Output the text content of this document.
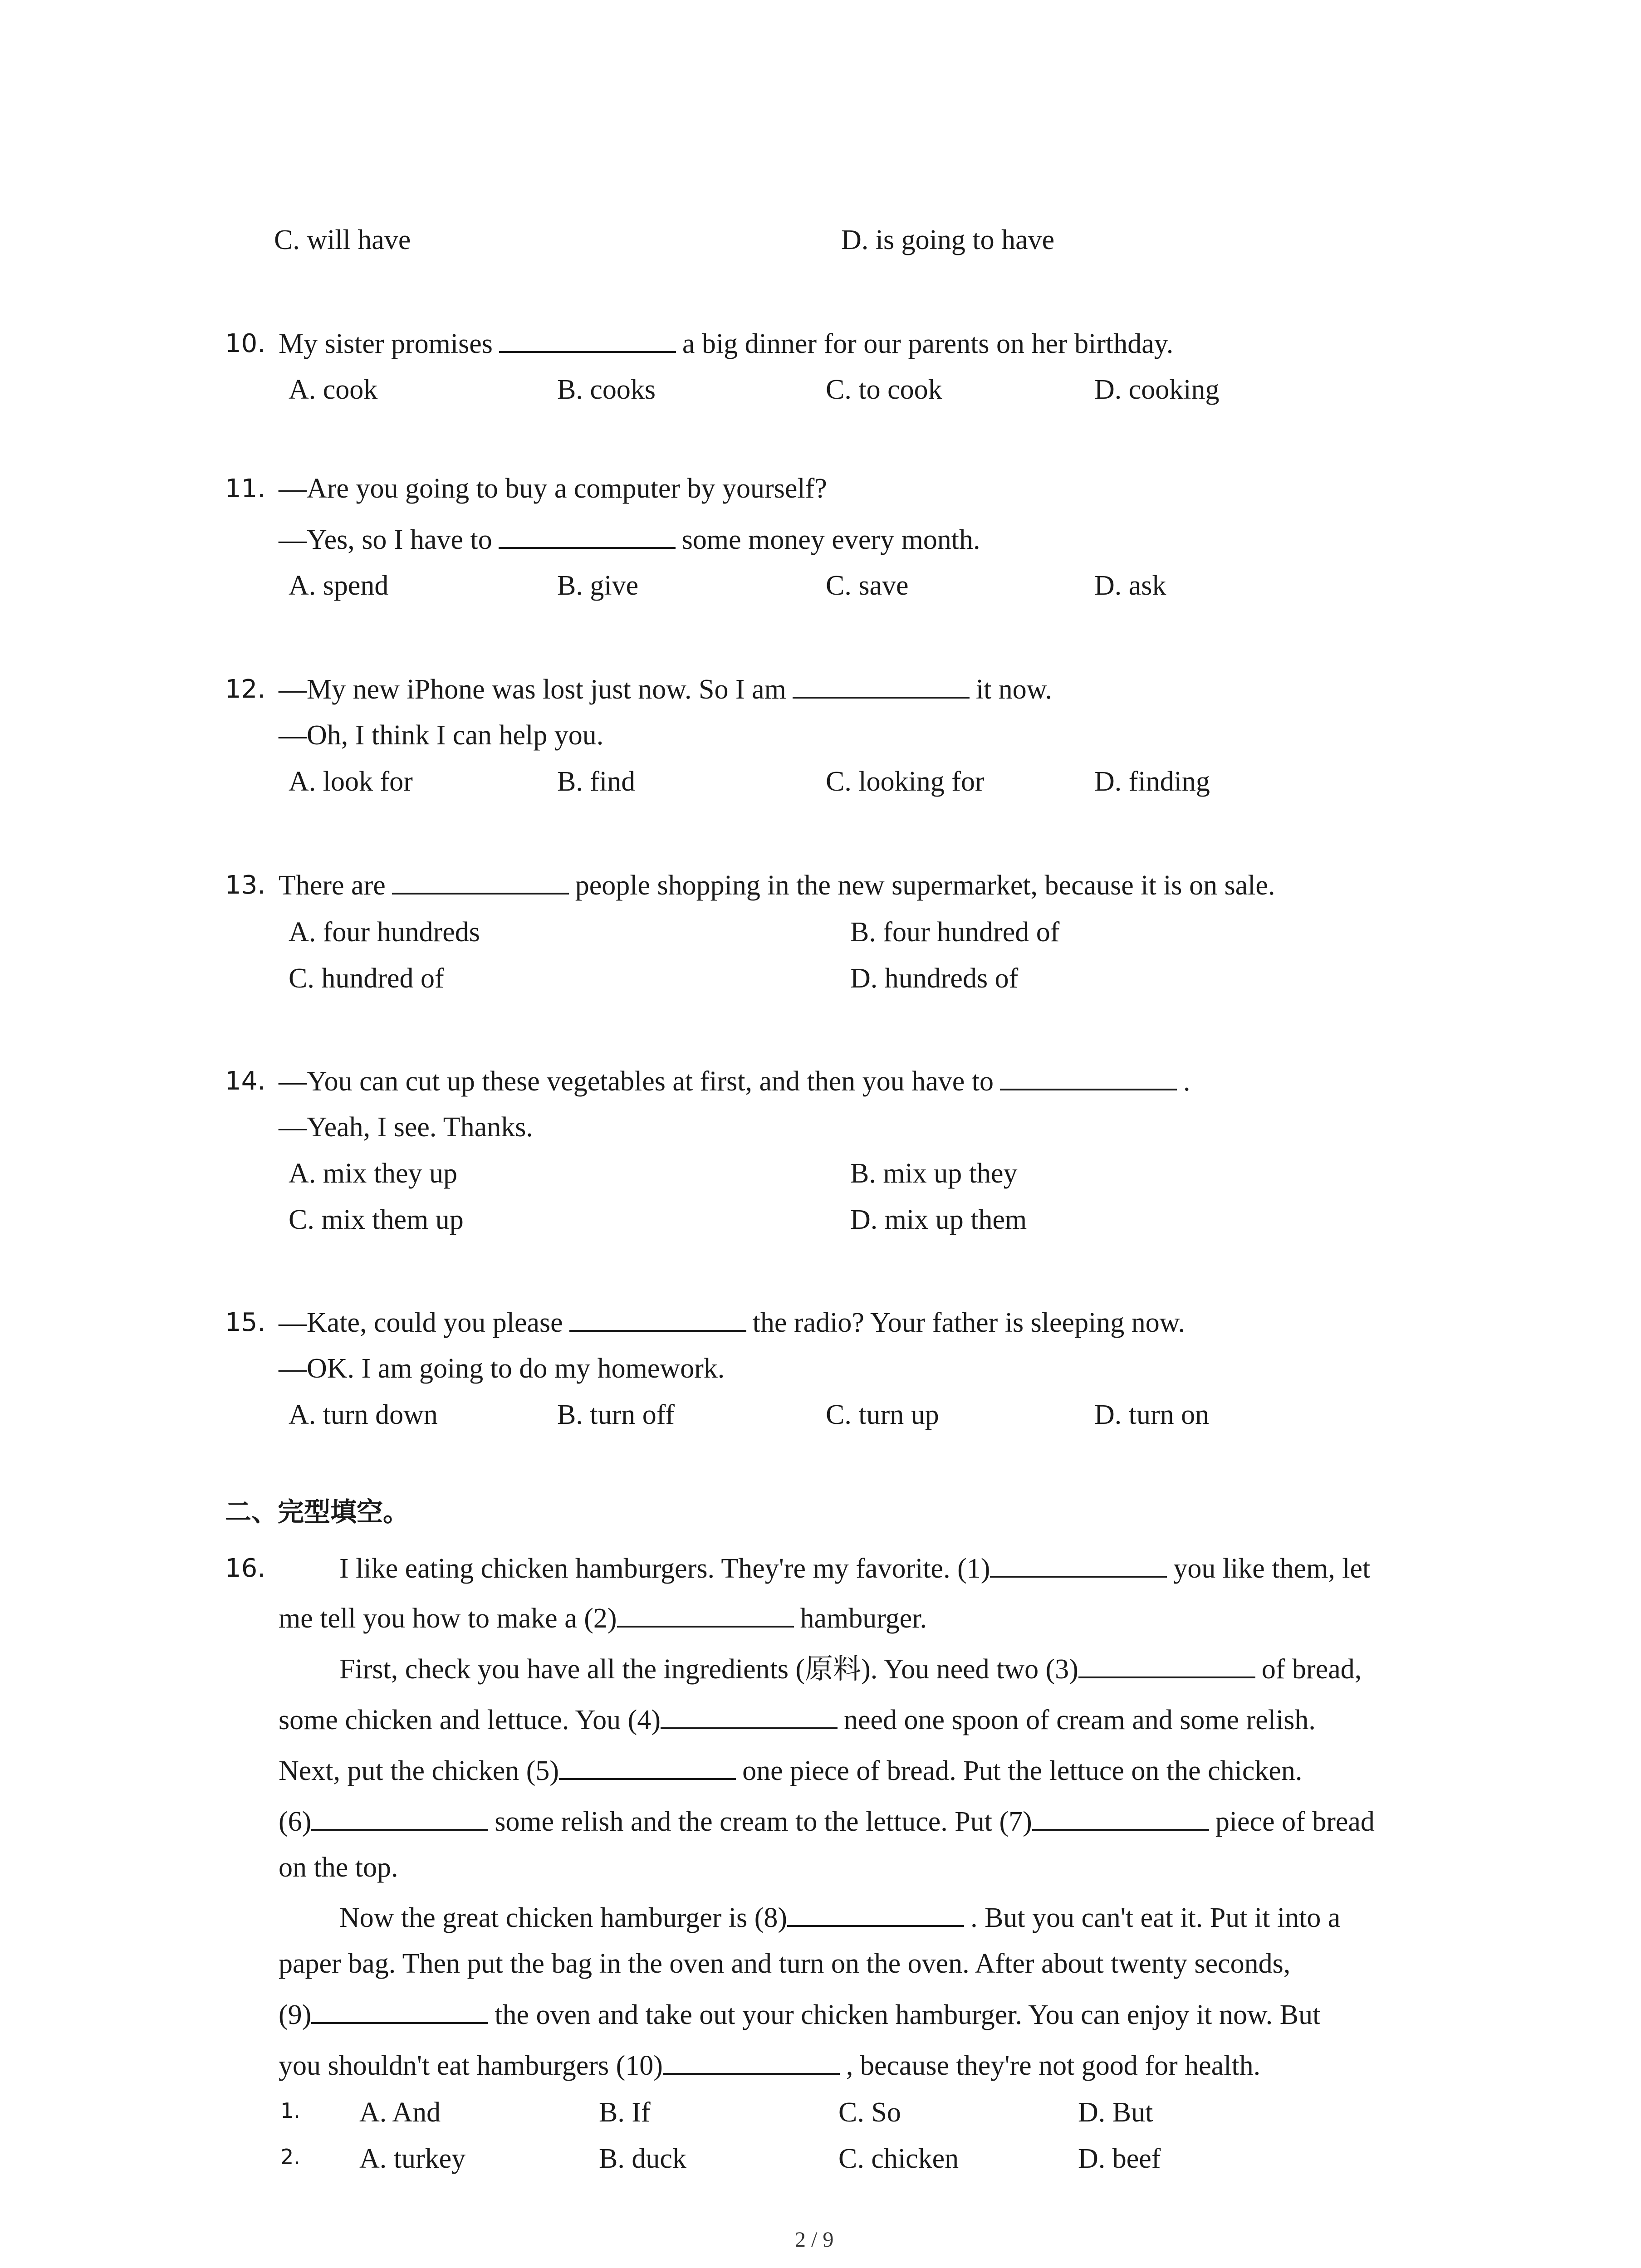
C. will have	D. is going to have
10. My sister promises	a big dinner for our parents on her birthday.
A. cook	B. cooks	C. to cook	D. cooking
11. —Are you going to buy a computer by yourself?
—Yes, so I have to	some money every month.
A. spend	B. give	C. save	D. ask
12. —My new iPhone was lost just now. So I am	it now.
—Oh, I think I can help you.
A. look for	B. find	C. looking for	D. finding
13. There are	people shopping in the new supermarket, because it is on sale.
A. four hundreds	B. four hundred of
C. hundred of	D. hundreds of
14. —You can cut up these vegetables at first, and then you have to	.
—Yeah, I see. Thanks.
A. mix they up	B. mix up they
C. mix them up	D. mix up them
15. —Kate, could you please	the radio? Your father is sleeping now.
—OK. I am going to do my homework.
A. turn down	B. turn off	C. turn up	D. turn on
二、完型填空。
16.	I like eating chicken hamburgers. They're my favorite. (1)	you like them, let
me tell you how to make a (2)	hamburger.
First, check you have all the ingredients (原料). You need two (3)	of bread,
some chicken and lettuce. You (4)	need one spoon of cream and some relish.
Next, put the chicken (5)	one piece of bread. Put the lettuce on the chicken.
(6)	some relish and the cream to the lettuce. Put (7)	piece of bread
on the top.
Now the great chicken hamburger is (8)	. But you can't eat it. Put it into a
paper bag. Then put the bag in the oven and turn on the oven. After about twenty seconds,
(9)	the oven and take out your chicken hamburger. You can enjoy it now. But
you shouldn't eat hamburgers (10)	, because they're not good for health.
1. A. And	B. If	C. So	D. But
2. A. turkey	B. duck	C. chicken	D. beef
2 / 9
